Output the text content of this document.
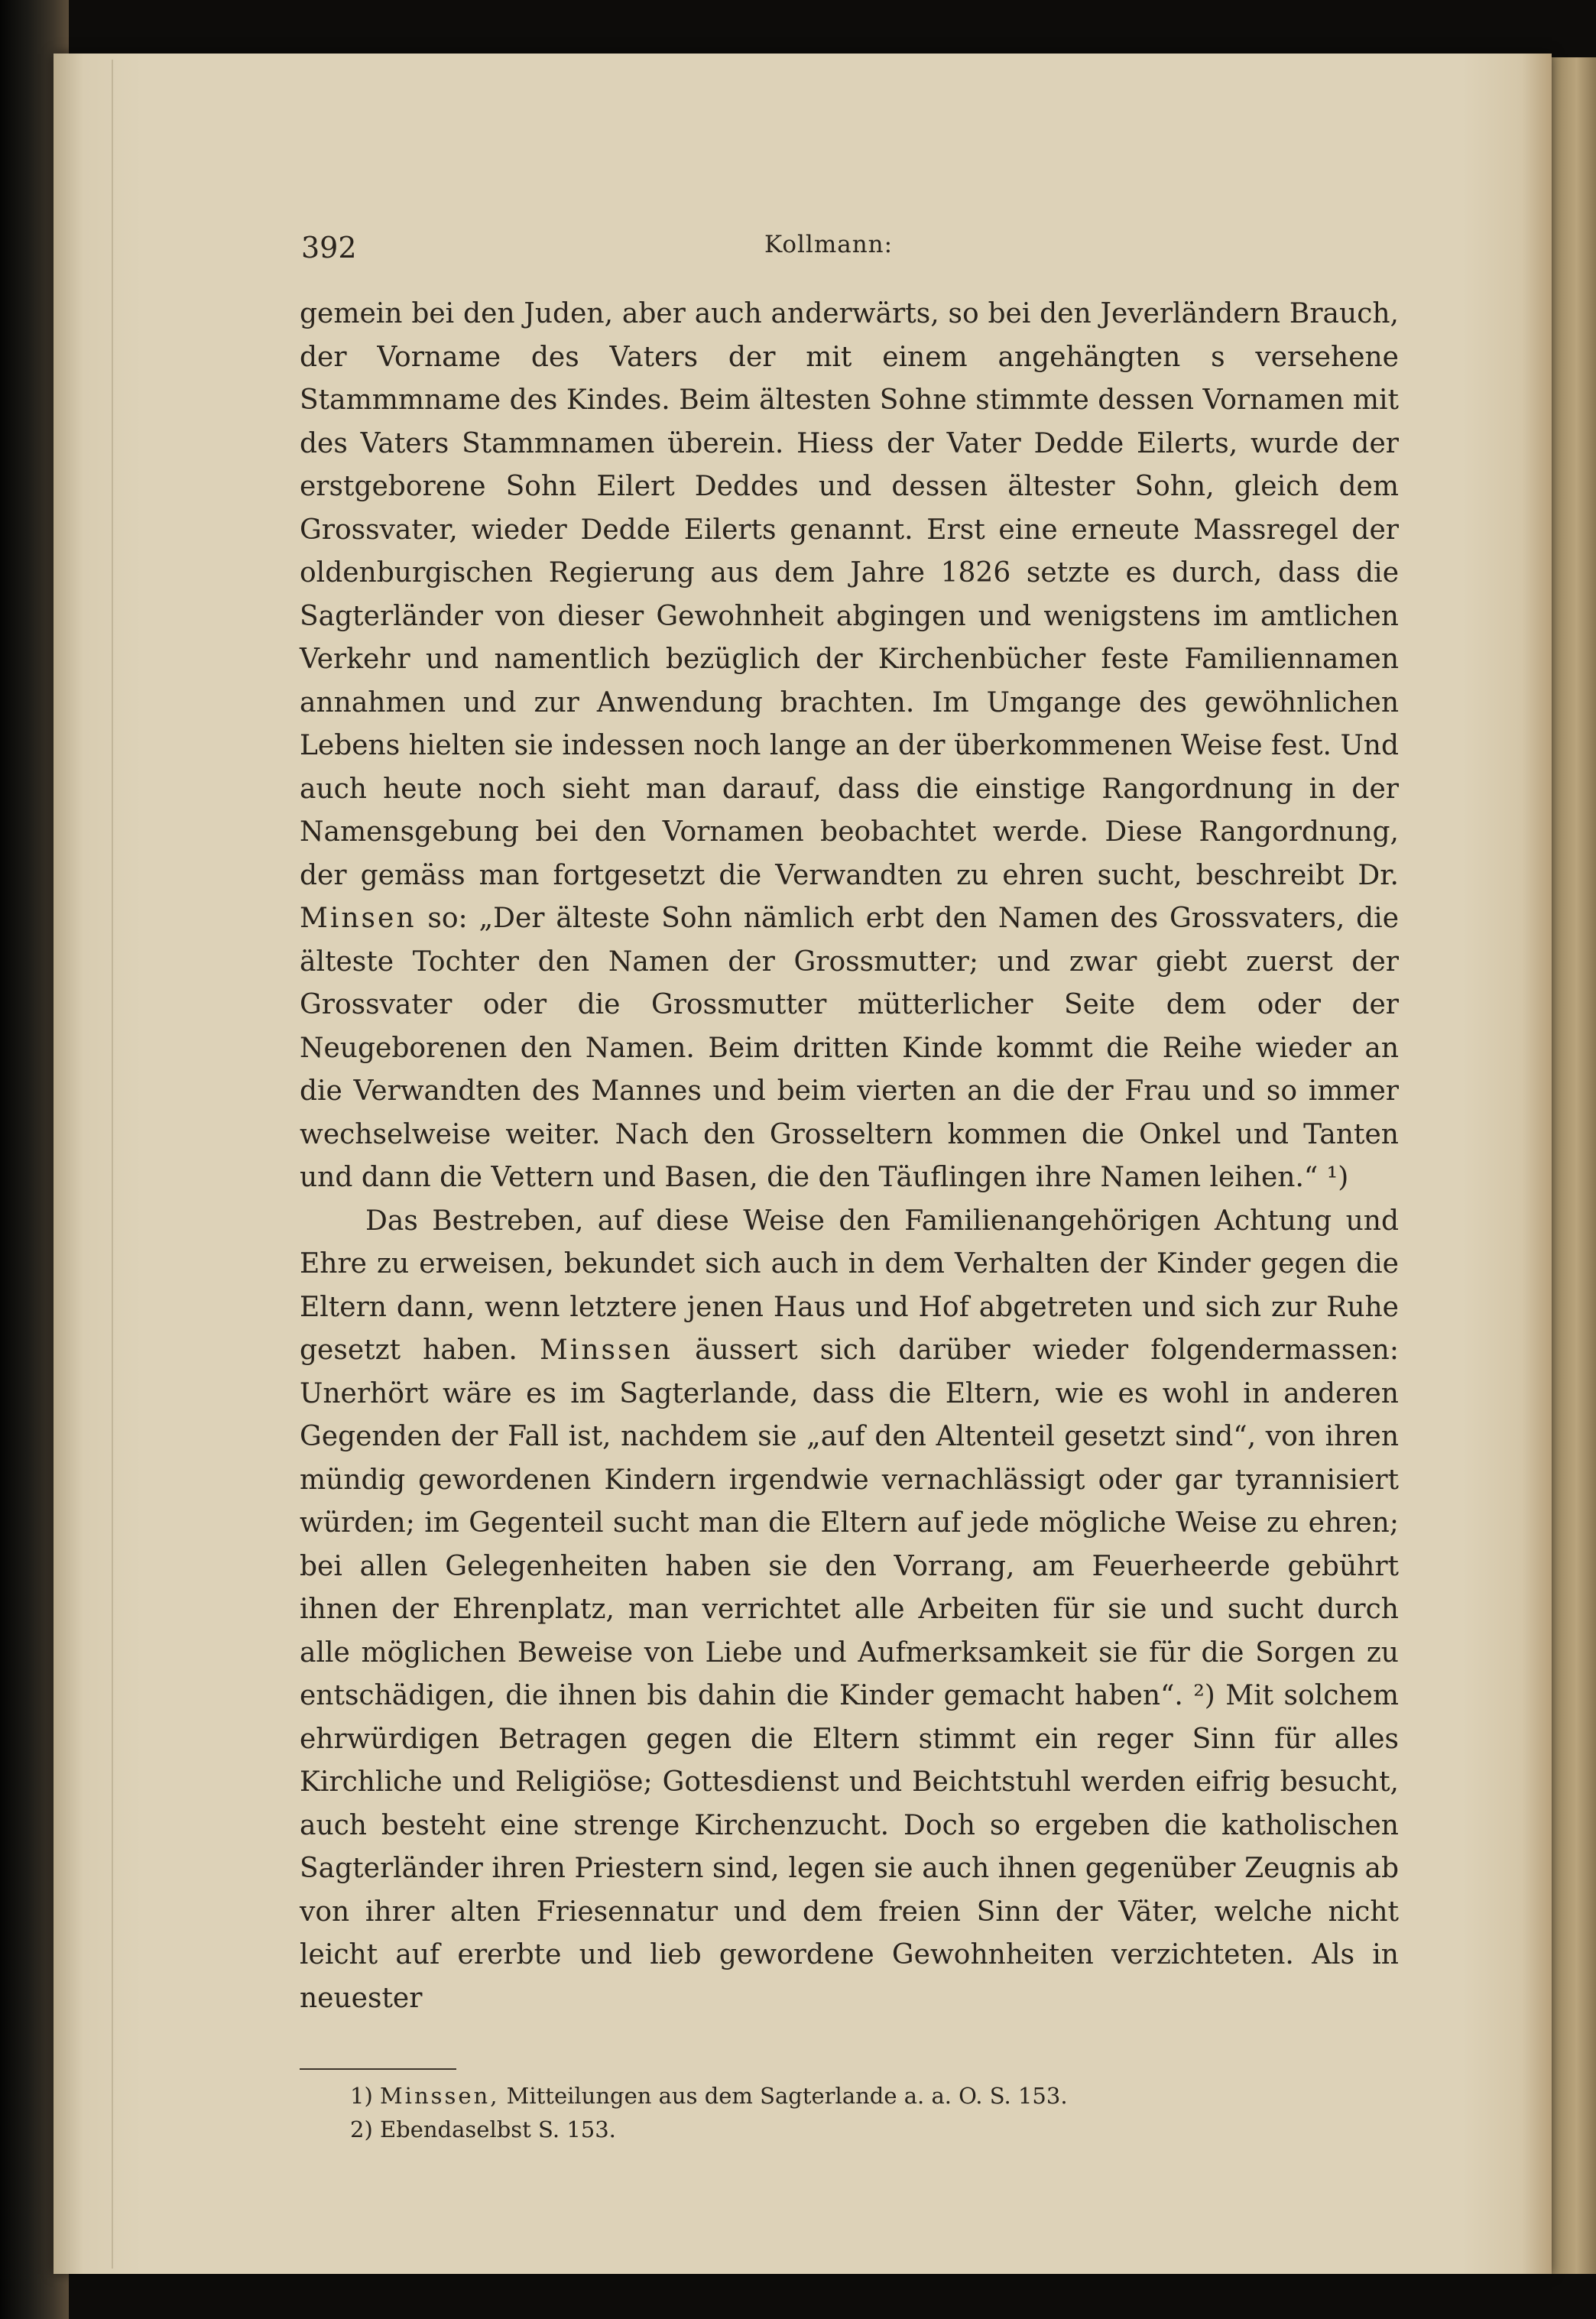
392	Kollmann:

gemein bei den Juden, aber auch anderwärts, so bei den Jeverländern Brauch, der Vorname des Vaters der mit einem angehängten s versehene Stammmname des Kindes. Beim ältesten Sohne stimmte dessen Vornamen mit des Vaters Stammnamen überein. Hiess der Vater Dedde Eilerts, wurde der erstgeborene Sohn Eilert Deddes und dessen ältester Sohn, gleich dem Grossvater, wieder Dedde Eilerts genannt. Erst eine erneute Massregel der oldenburgischen Regierung aus dem Jahre 1826 setzte es durch, dass die Sagterländer von dieser Gewohnheit abgingen und wenigstens im amtlichen Verkehr und namentlich bezüglich der Kirchenbücher feste Familiennamen annahmen und zur Anwendung brachten. Im Umgange des gewöhnlichen Lebens hielten sie indessen noch lange an der überkommenen Weise fest. Und auch heute noch sieht man darauf, dass die einstige Rangordnung in der Namensgebung bei den Vornamen beobachtet werde. Diese Rangordnung, der gemäss man fortgesetzt die Verwandten zu ehren sucht, beschreibt Dr. Minsen so: „Der älteste Sohn nämlich erbt den Namen des Grossvaters, die älteste Tochter den Namen der Grossmutter; und zwar giebt zuerst der Grossvater oder die Grossmutter mütterlicher Seite dem oder der Neugeborenen den Namen. Beim dritten Kinde kommt die Reihe wieder an die Verwandten des Mannes und beim vierten an die der Frau und so immer wechselweise weiter. Nach den Grosseltern kommen die Onkel und Tanten und dann die Vettern und Basen, die den Täuflingen ihre Namen leihen.“ ¹)

Das Bestreben, auf diese Weise den Familienangehörigen Achtung und Ehre zu erweisen, bekundet sich auch in dem Verhalten der Kinder gegen die Eltern dann, wenn letztere jenen Haus und Hof abgetreten und sich zur Ruhe gesetzt haben. Minssen äussert sich darüber wieder folgendermassen: Unerhört wäre es im Sagterlande, dass die Eltern, wie es wohl in anderen Gegenden der Fall ist, nachdem sie „auf den Altenteil gesetzt sind“, von ihren mündig gewordenen Kindern irgendwie vernachlässigt oder gar tyrannisiert würden; im Gegenteil sucht man die Eltern auf jede mögliche Weise zu ehren; bei allen Gelegenheiten haben sie den Vorrang, am Feuerheerde gebührt ihnen der Ehrenplatz, man verrichtet alle Arbeiten für sie und sucht durch alle möglichen Beweise von Liebe und Aufmerksamkeit sie für die Sorgen zu entschädigen, die ihnen bis dahin die Kinder gemacht haben“. ²) Mit solchem ehrwürdigen Betragen gegen die Eltern stimmt ein reger Sinn für alles Kirchliche und Religiöse; Gottesdienst und Beichtstuhl werden eifrig besucht, auch besteht eine strenge Kirchenzucht. Doch so ergeben die katholischen Sagterländer ihren Priestern sind, legen sie auch ihnen gegenüber Zeugnis ab von ihrer alten Friesennatur und dem freien Sinn der Väter, welche nicht leicht auf ererbte und lieb gewordene Gewohnheiten verzichteten. Als in neuester

1) Minssen, Mitteilungen aus dem Sagterlande a. a. O. S. 153.
2) Ebendaselbst S. 153.
